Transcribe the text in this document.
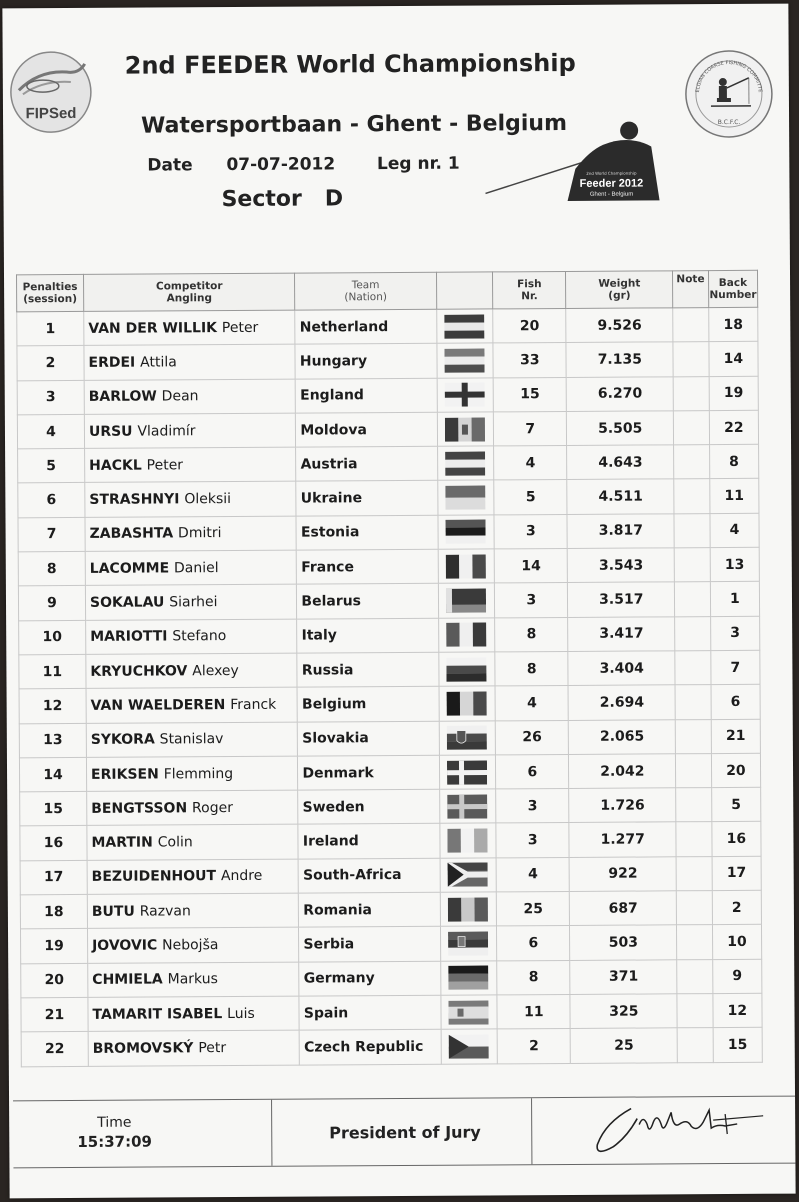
FIPSed
BELGIAN COARSE FISHING COMMITTEE
B.C.F.C.
2nd FEEDER World Championship
Watersportbaan - Ghent - Belgium
Date 07-07-2012 Leg nr. 1
Sector   D
2nd World Championship
Feeder 2012
Ghent - Belgium
Penalties
(session)	Competitor
Angling	Team
(Nation)		Fish
Nr.	Weight
(gr)	Note	Back
Number
1	VAN DER WILLIK Peter	Netherland		20	9.526		18
2	ERDEI Attila	Hungary		33	7.135		14
3	BARLOW Dean	England		15	6.270		19
4	URSU Vladimír	Moldova		7	5.505		22
5	HACKL Peter	Austria		4	4.643		8
6	STRASHNYI Oleksii	Ukraine		5	4.511		11
7	ZABASHTA Dmitri	Estonia		3	3.817		4
8	LACOMME Daniel	France		14	3.543		13
9	SOKALAU Siarhei	Belarus		3	3.517		1
10	MARIOTTI Stefano	Italy		8	3.417		3
11	KRYUCHKOV Alexey	Russia		8	3.404		7
12	VAN WAELDEREN Franck	Belgium		4	2.694		6
13	SYKORA Stanislav	Slovakia		26	2.065		21
14	ERIKSEN Flemming	Denmark		6	2.042		20
15	BENGTSSON Roger	Sweden		3	1.726		5
16	MARTIN Colin	Ireland		3	1.277		16
17	BEZUIDENHOUT Andre	South-Africa		4	922		17
18	BUTU Razvan	Romania		25	687		2
19	JOVOVIC Nebojša	Serbia		6	503		10
20	CHMIELA Markus	Germany		8	371		9
21	TAMARIT ISABEL Luis	Spain		11	325		12
22	BROMOVSKÝ Petr	Czech Republic		2	25		15
Time
15:37:09	President of Jury
